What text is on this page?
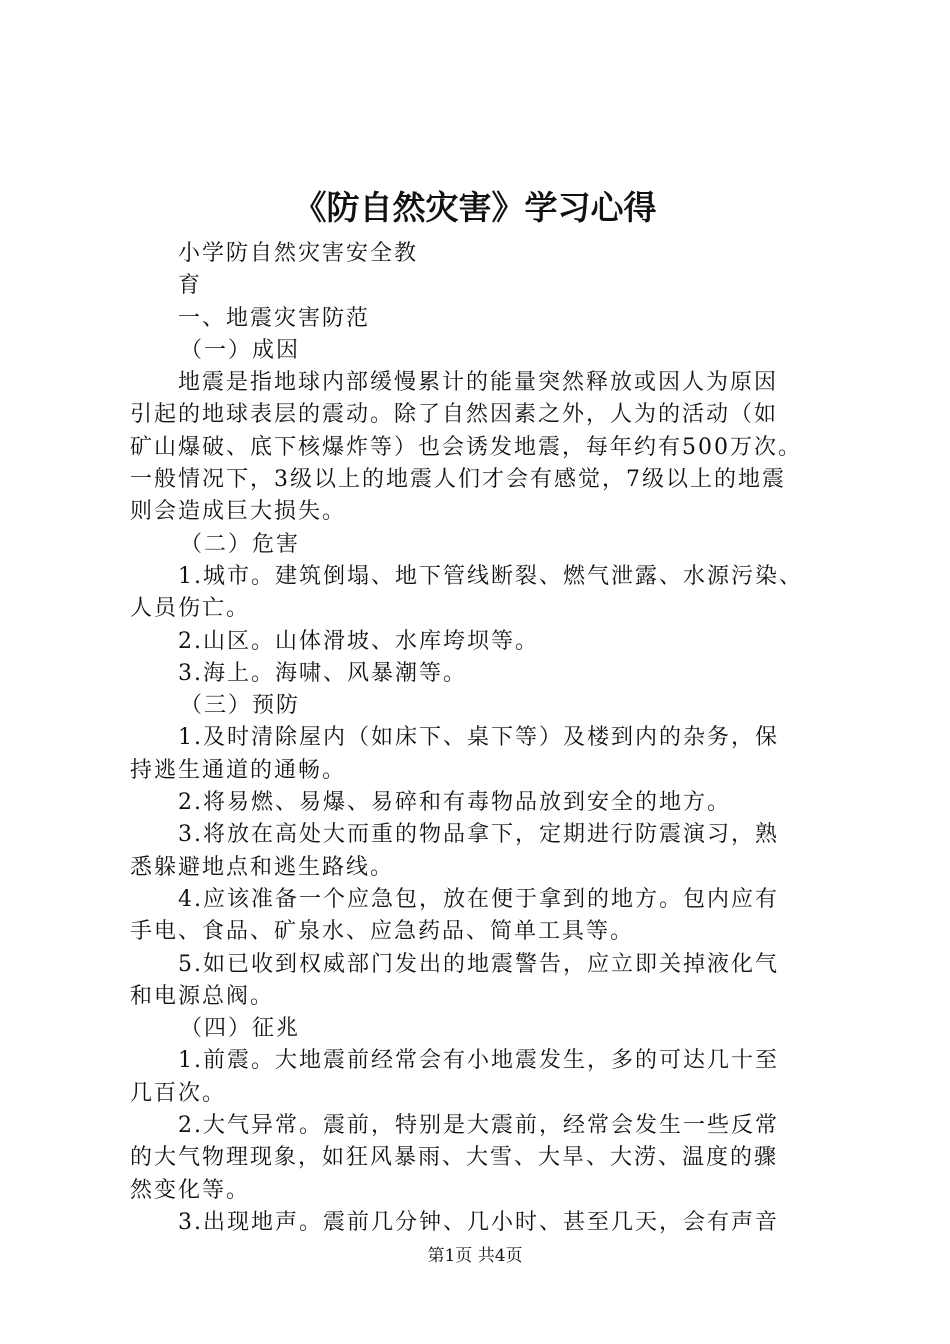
《防自然灾害》学习心得
小学防自然灾害安全教
育
一、地震灾害防范
（一）成因
地震是指地球内部缓慢累计的能量突然释放或因人为原因
引起的地球表层的震动。除了自然因素之外，人为的活动（如
矿山爆破、底下核爆炸等）也会诱发地震，每年约有500万次。
一般情况下，3级以上的地震人们才会有感觉，7级以上的地震
则会造成巨大损失。
（二）危害
1.城市。建筑倒塌、地下管线断裂、燃气泄露、水源污染、
人员伤亡。
2.山区。山体滑坡、水库垮坝等。
3.海上。海啸、风暴潮等。
（三）预防
1.及时清除屋内（如床下、桌下等）及楼到内的杂务，保
持逃生通道的通畅。
2.将易燃、易爆、易碎和有毒物品放到安全的地方。
3.将放在高处大而重的物品拿下，定期进行防震演习，熟
悉躲避地点和逃生路线。
4.应该准备一个应急包，放在便于拿到的地方。包内应有
手电、食品、矿泉水、应急药品、简单工具等。
5.如已收到权威部门发出的地震警告，应立即关掉液化气
和电源总阀。
（四）征兆
1.前震。大地震前经常会有小地震发生，多的可达几十至
几百次。
2.大气异常。震前，特别是大震前，经常会发生一些反常
的大气物理现象，如狂风暴雨、大雪、大旱、大涝、温度的骤
然变化等。
3.出现地声。震前几分钟、几小时、甚至几天，会有声音
第1页 共4页
